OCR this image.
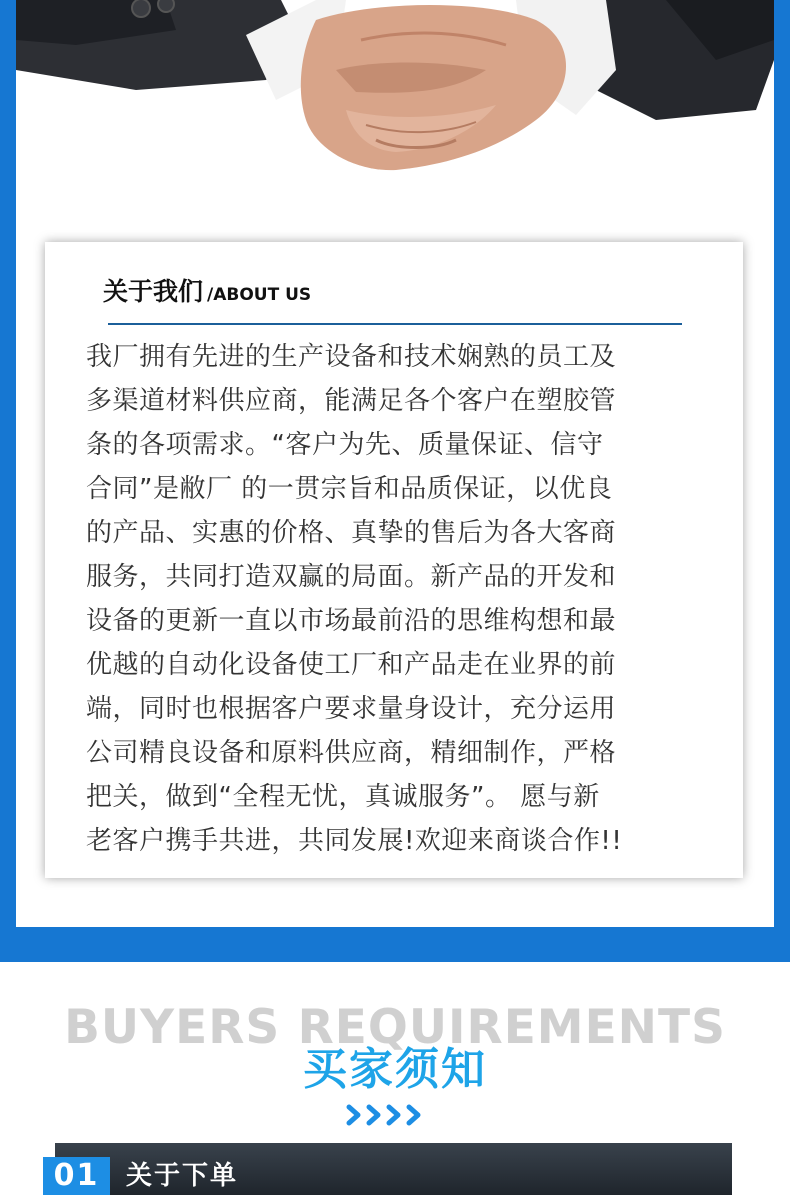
关于我们 /ABOUT US
我厂拥有先进的生产设备和技术娴熟的员工及
多渠道材料供应商，能满足各个客户在塑胶管
条的各项需求。“客户为先、质量保证、信守
合同”是敝厂 的一贯宗旨和品质保证，以优良
的产品、实惠的价格、真挚的售后为各大客商
服务，共同打造双赢的局面。新产品的开发和
设备的更新一直以市场最前沿的思维构想和最
优越的自动化设备使工厂和产品走在业界的前
端，同时也根据客户要求量身设计，充分运用
公司精良设备和原料供应商，精细制作，严格
把关，做到“全程无忧，真诚服务”。 愿与新
老客户携手共进，共同发展!欢迎来商谈合作!!
BUYERS REQUIREMENTS
买家须知
01	关于下单
